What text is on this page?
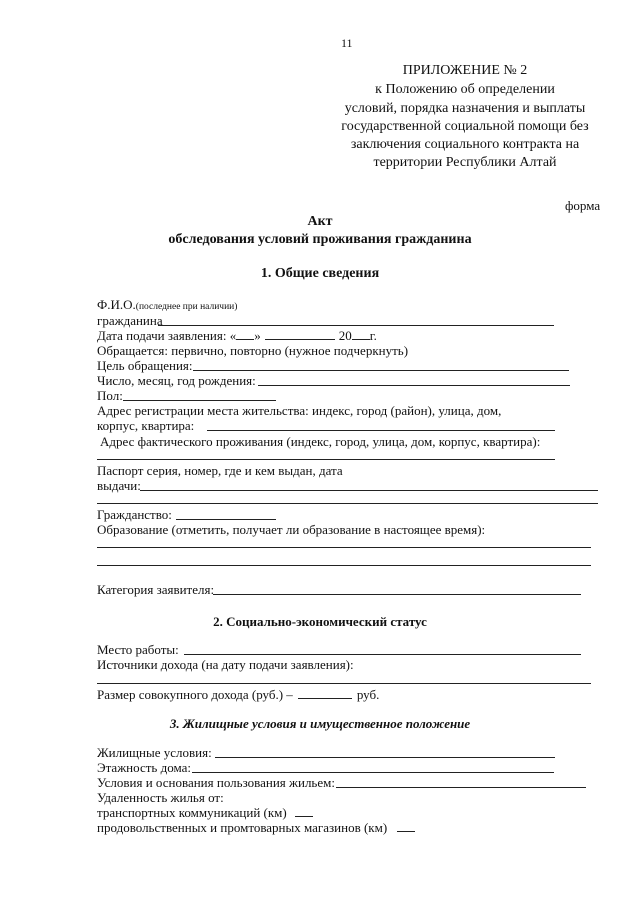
11
ПРИЛОЖЕНИЕ № 2
к Положению об определении
условий, порядка назначения и выплаты
государственной социальной помощи без
заключения социального контракта на
территории Республики Алтай
форма
Акт
обследования условий проживания гражданина
1. Общие сведения
Ф.И.О.(последнее при наличии)
гражданина
Дата подачи заявления: « »	20 г.
Обращается: первично, повторно (нужное подчеркнуть)
Цель обращения:
Число, месяц, год рождения:
Пол:
Адрес регистрации места жительства: индекс, город (район), улица, дом,
корпус, квартира:
Адрес фактического проживания (индекс, город, улица, дом, корпус, квартира):
Паспорт серия, номер, где и кем выдан, дата
выдачи:
Гражданство:
Образование (отметить, получает ли образование в настоящее время):
Категория заявителя:
2. Социально-экономический статус
Место работы:
Источники дохода (на дату подачи заявления):
Размер совокупного дохода (руб.) –	руб.
3. Жилищные условия и имущественное положение
Жилищные условия:
Этажность дома:
Условия и основания пользования жильем:
Удаленность жилья от:
транспортных коммуникаций (км)
продовольственных и промтоварных магазинов (км)
